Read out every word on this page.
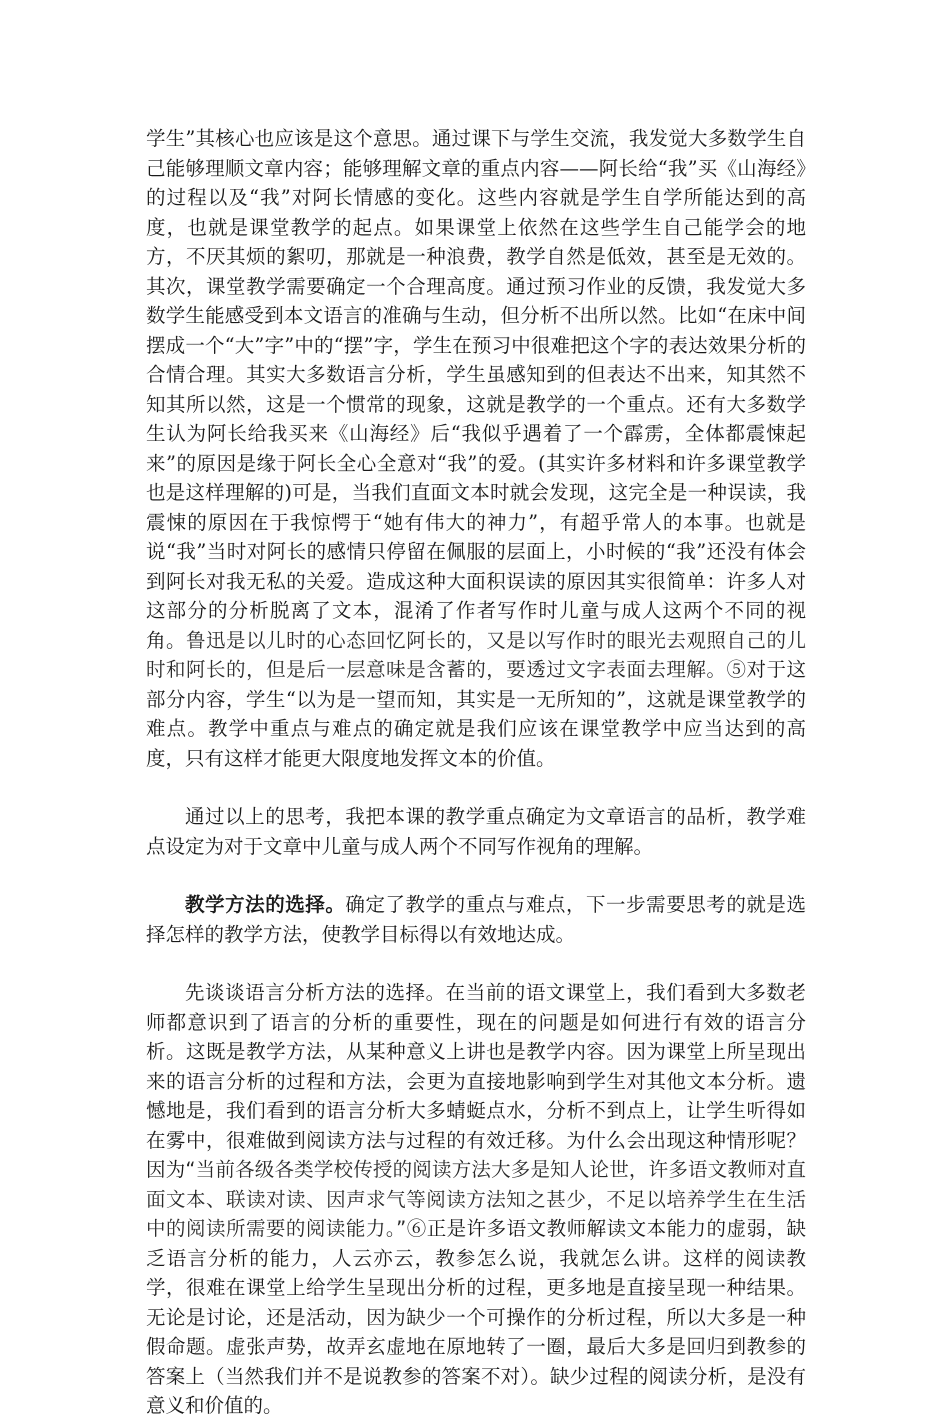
学生”其核心也应该是这个意思。通过课下与学生交流，我发觉大多数学生自己能够理顺文章内容；能够理解文章的重点内容——阿长给“我”买《山海经》的过程以及“我”对阿长情感的变化。这些内容就是学生自学所能达到的高度，也就是课堂教学的起点。如果课堂上依然在这些学生自己能学会的地方，不厌其烦的絮叨，那就是一种浪费，教学自然是低效，甚至是无效的。其次，课堂教学需要确定一个合理高度。通过预习作业的反馈，我发觉大多数学生能感受到本文语言的准确与生动，但分析不出所以然。比如“在床中间摆成一个“大”字”中的“摆”字，学生在预习中很难把这个字的表达效果分析的合情合理。其实大多数语言分析，学生虽感知到的但表达不出来，知其然不知其所以然，这是一个惯常的现象，这就是教学的一个重点。还有大多数学生认为阿长给我买来《山海经》后“我似乎遇着了一个霹雳，全体都震悚起来”的原因是缘于阿长全心全意对“我”的爱。(其实许多材料和许多课堂教学也是这样理解的)可是，当我们直面文本时就会发现，这完全是一种误读，我震悚的原因在于我惊愕于“她有伟大的神力”，有超乎常人的本事。也就是说“我”当时对阿长的感情只停留在佩服的层面上，小时候的“我”还没有体会到阿长对我无私的关爱。造成这种大面积误读的原因其实很简单：许多人对这部分的分析脱离了文本，混淆了作者写作时儿童与成人这两个不同的视角。鲁迅是以儿时的心态回忆阿长的，又是以写作时的眼光去观照自己的儿时和阿长的，但是后一层意味是含蓄的，要透过文字表面去理解。⑤对于这部分内容，学生“以为是一望而知，其实是一无所知的”，这就是课堂教学的难点。教学中重点与难点的确定就是我们应该在课堂教学中应当达到的高度，只有这样才能更大限度地发挥文本的价值。

通过以上的思考，我把本课的教学重点确定为文章语言的品析，教学难点设定为对于文章中儿童与成人两个不同写作视角的理解。

教学方法的选择。确定了教学的重点与难点，下一步需要思考的就是选择怎样的教学方法，使教学目标得以有效地达成。

先谈谈语言分析方法的选择。在当前的语文课堂上，我们看到大多数老师都意识到了语言的分析的重要性，现在的问题是如何进行有效的语言分析。这既是教学方法，从某种意义上讲也是教学内容。因为课堂上所呈现出来的语言分析的过程和方法，会更为直接地影响到学生对其他文本分析。遗憾地是，我们看到的语言分析大多蜻蜓点水，分析不到点上，让学生听得如在雾中，很难做到阅读方法与过程的有效迁移。为什么会出现这种情形呢？因为“当前各级各类学校传授的阅读方法大多是知人论世，许多语文教师对直面文本、联读对读、因声求气等阅读方法知之甚少，不足以培养学生在生活中的阅读所需要的阅读能力。”⑥正是许多语文教师解读文本能力的虚弱，缺乏语言分析的能力，人云亦云，教参怎么说，我就怎么讲。这样的阅读教学，很难在课堂上给学生呈现出分析的过程，更多地是直接呈现一种结果。无论是讨论，还是活动，因为缺少一个可操作的分析过程，所以大多是一种假命题。虚张声势，故弄玄虚地在原地转了一圈，最后大多是回归到教参的答案上（当然我们并不是说教参的答案不对）。缺少过程的阅读分析，是没有意义和价值的。
